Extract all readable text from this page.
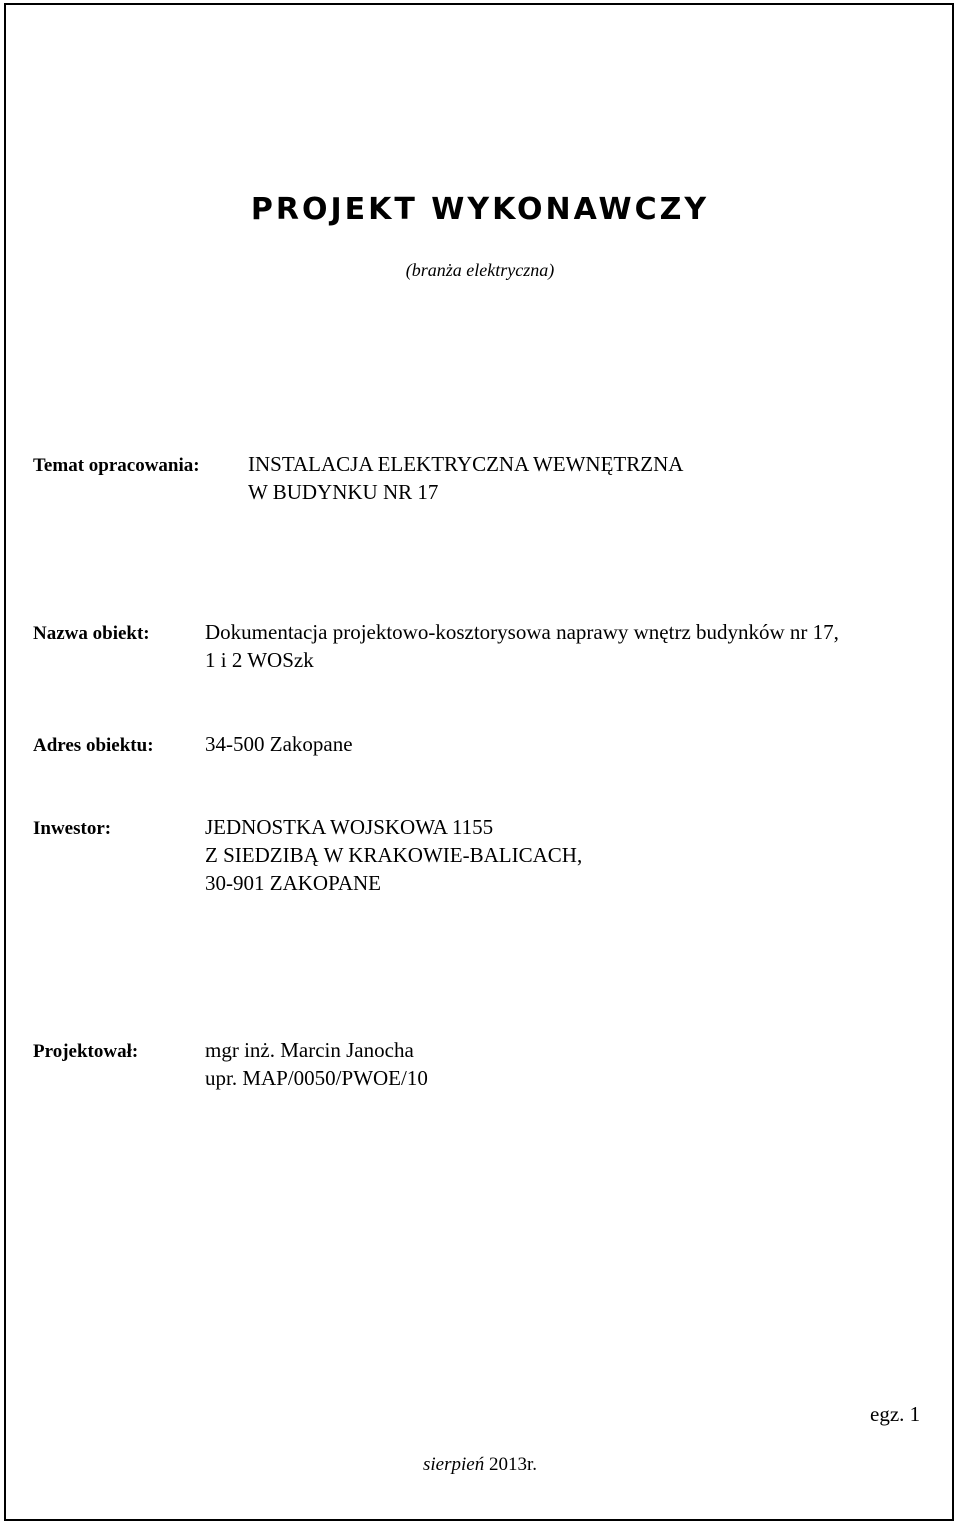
PROJEKT WYKONAWCZY
(branża elektryczna)
Temat opracowania: INSTALACJA ELEKTRYCZNA WEWNĘTRZNA
W BUDYNKU NR 17
Nazwa obiekt:	Dokumentacja projektowo-kosztorysowa naprawy wnętrz budynków nr 17,
1 i 2 WOSzk
Adres obiektu: 34-500 Zakopane
Inwestor:	JEDNOSTKA WOJSKOWA 1155
Z SIEDZIBĄ W KRAKOWIE-BALICACH,
30-901 ZAKOPANE
Projektował:	mgr inż. Marcin Janocha
upr. MAP/0050/PWOE/10
egz. 1
sierpień 2013r.
